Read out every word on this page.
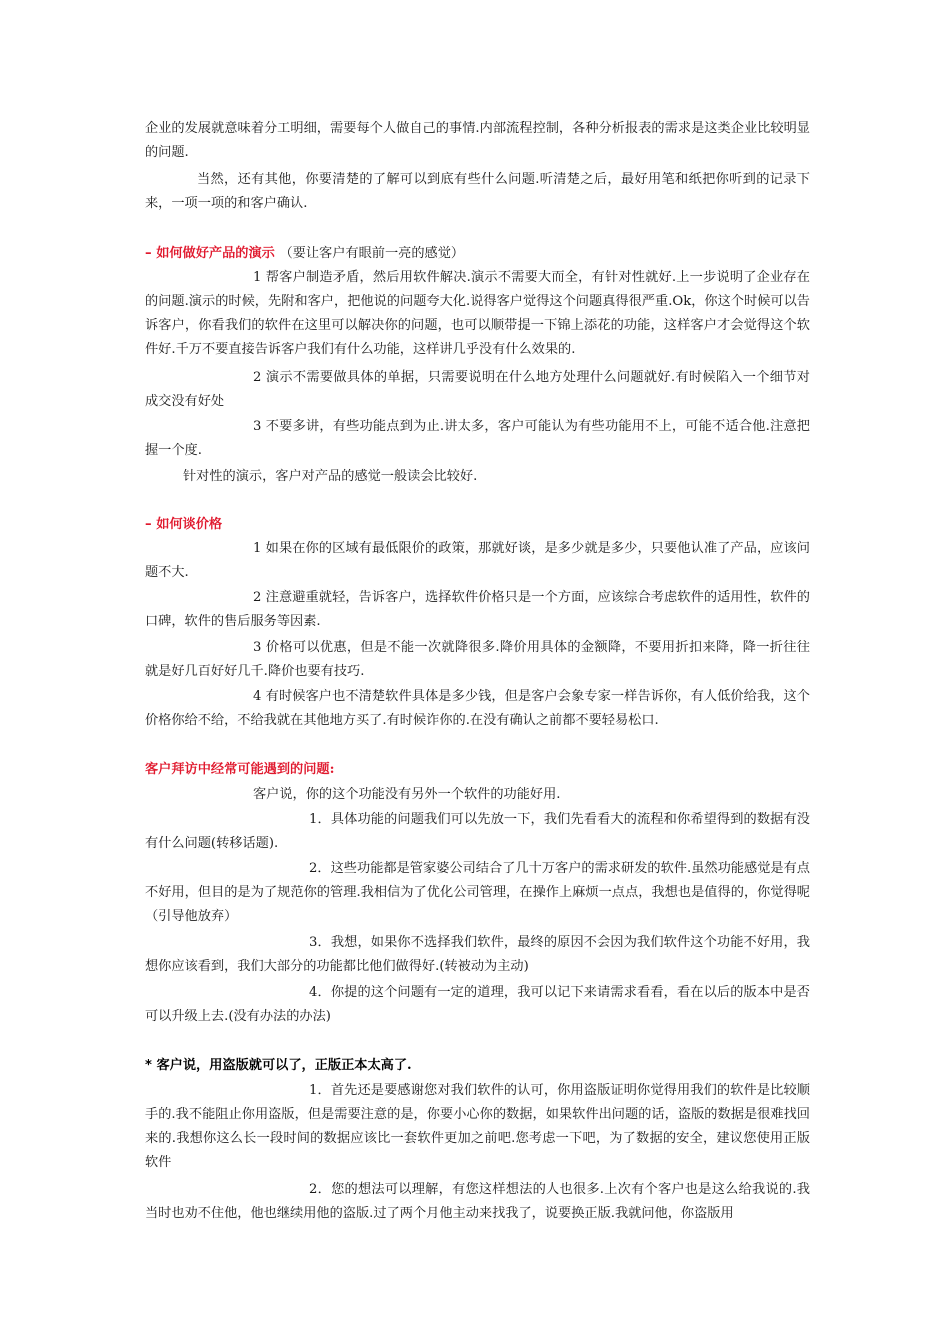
企业的发展就意味着分工明细，需要每个人做自己的事情.内部流程控制，各种分析报表的需求是这类企业比较明显的问题.

当然，还有其他，你要清楚的了解可以到底有些什么问题.听清楚之后，最好用笔和纸把你听到的记录下来，一项一项的和客户确认.

– 如何做好产品的演示 （要让客户有眼前一亮的感觉）

1 帮客户制造矛盾，然后用软件解决.演示不需要大而全，有针对性就好.上一步说明了企业存在的问题.演示的时候，先附和客户，把他说的问题夸大化.说得客户觉得这个问题真得很严重.Ok，你这个时候可以告诉客户，你看我们的软件在这里可以解决你的问题，也可以顺带提一下锦上添花的功能，这样客户才会觉得这个软件好.千万不要直接告诉客户我们有什么功能，这样讲几乎没有什么效果的.

2 演示不需要做具体的单据，只需要说明在什么地方处理什么问题就好.有时候陷入一个细节对成交没有好处

3 不要多讲，有些功能点到为止.讲太多，客户可能认为有些功能用不上，可能不适合他.注意把握一个度.

针对性的演示，客户对产品的感觉一般读会比较好.

– 如何谈价格

1 如果在你的区域有最低限价的政策，那就好谈，是多少就是多少，只要他认准了产品，应该问题不大.

2 注意避重就轻，告诉客户，选择软件价格只是一个方面，应该综合考虑软件的适用性，软件的口碑，软件的售后服务等因素.

3 价格可以优惠，但是不能一次就降很多.降价用具体的金额降，不要用折扣来降，降一折往往就是好几百好好几千.降价也要有技巧.

4 有时候客户也不清楚软件具体是多少钱，但是客户会象专家一样告诉你，有人低价给我，这个价格你给不给，不给我就在其他地方买了.有时候诈你的.在没有确认之前都不要轻易松口.

客户拜访中经常可能遇到的问题:

客户说，你的这个功能没有另外一个软件的功能好用.

1．具体功能的问题我们可以先放一下，我们先看看大的流程和你希望得到的数据有没有什么问题(转移话题).

2．这些功能都是管家婆公司结合了几十万客户的需求研发的软件.虽然功能感觉是有点不好用，但目的是为了规范你的管理.我相信为了优化公司管理，在操作上麻烦一点点，我想也是值得的，你觉得呢（引导他放弃）

3．我想，如果你不选择我们软件，最终的原因不会因为我们软件这个功能不好用，我想你应该看到，我们大部分的功能都比他们做得好.(转被动为主动)

4．你提的这个问题有一定的道理，我可以记下来请需求看看，看在以后的版本中是否可以升级上去.(没有办法的办法)

* 客户说，用盗版就可以了，正版正本太高了.

1．首先还是要感谢您对我们软件的认可，你用盗版证明你觉得用我们的软件是比较顺手的.我不能阻止你用盗版，但是需要注意的是，你要小心你的数据，如果软件出问题的话，盗版的数据是很难找回来的.我想你这么长一段时间的数据应该比一套软件更加之前吧.您考虑一下吧，为了数据的安全，建议您使用正版软件

2．您的想法可以理解，有您这样想法的人也很多.上次有个客户也是这么给我说的.我当时也劝不住他，他也继续用他的盗版.过了两个月他主动来找我了，说要换正版.我就问他，你盗版用
